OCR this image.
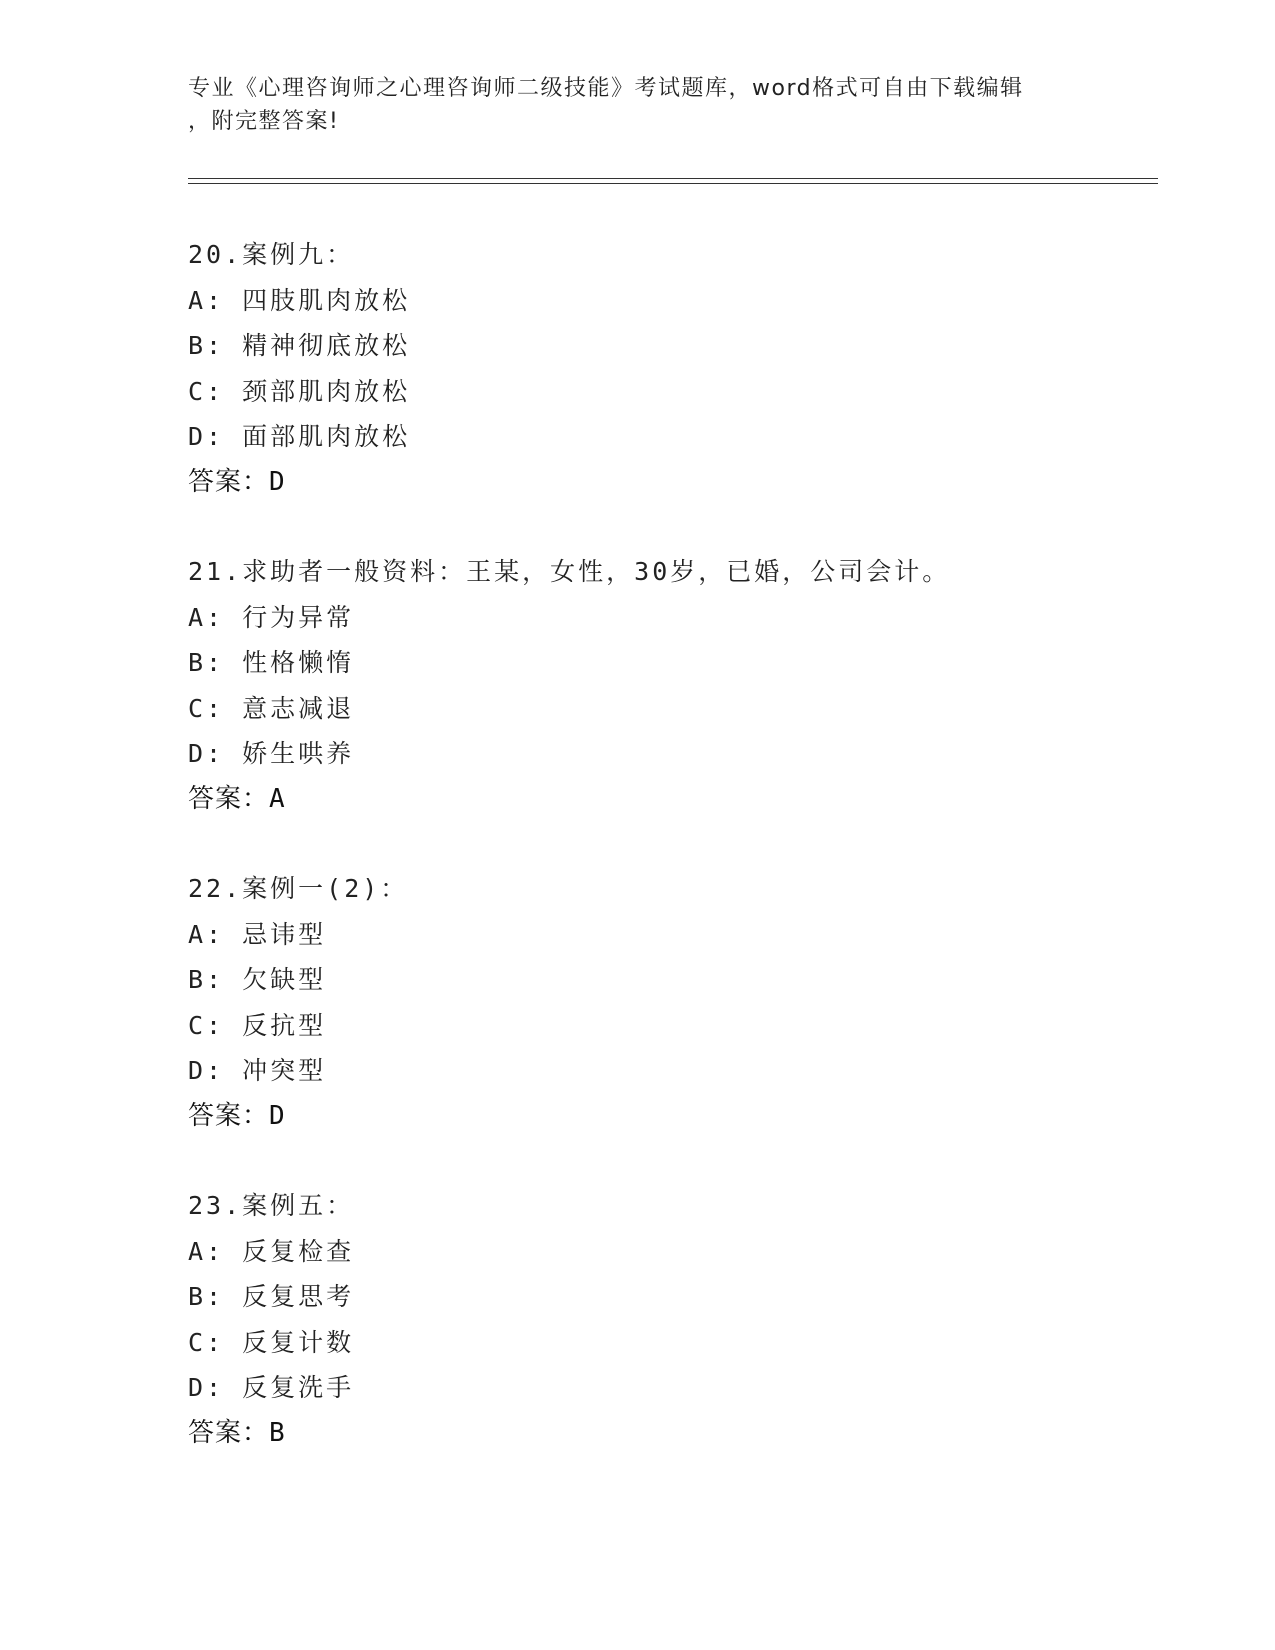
专业《心理咨询师之心理咨询师二级技能》考试题库，word格式可自由下载编辑
，附完整答案!
20.案例九：
A: 四肢肌肉放松
B: 精神彻底放松
C: 颈部肌肉放松
D: 面部肌肉放松
答案：D
21.求助者一般资料：王某，女性，30岁，已婚，公司会计。
A: 行为异常
B: 性格懒惰
C: 意志减退
D: 娇生哄养
答案：A
22.案例一(2)：
A: 忌讳型
B: 欠缺型
C: 反抗型
D: 冲突型
答案：D
23.案例五：
A: 反复检查
B: 反复思考
C: 反复计数
D: 反复洗手
答案：B
